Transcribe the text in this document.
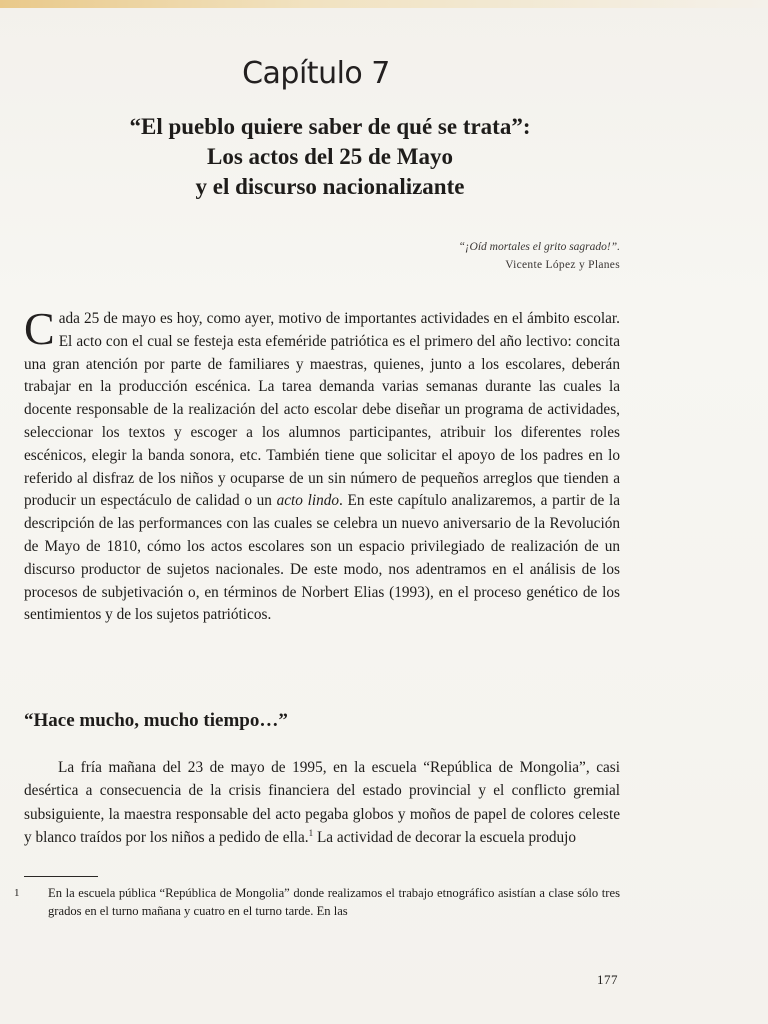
Capítulo 7
“El pueblo quiere saber de qué se trata”:
Los actos del 25 de Mayo
y el discurso nacionalizante
“¡Oíd mortales el grito sagrado!”.
Vicente López y Planes

Cada 25 de mayo es hoy, como ayer, motivo de importantes actividades en el ámbito escolar. El acto con el cual se festeja esta efeméride patriótica es el primero del año lectivo: concita una gran atención por parte de familiares y maestras, quienes, junto a los escolares, deberán trabajar en la producción escénica. La tarea demanda varias semanas durante las cuales la docente responsable de la realización del acto escolar debe diseñar un programa de actividades, seleccionar los textos y escoger a los alumnos participantes, atribuir los diferentes roles escénicos, elegir la banda sonora, etc. También tiene que solicitar el apoyo de los padres en lo referido al disfraz de los niños y ocuparse de un sin número de pequeños arreglos que tienden a producir un espectáculo de calidad o un acto lindo. En este capítulo analizaremos, a partir de la descripción de las performances con las cuales se celebra un nuevo aniversario de la Revolución de Mayo de 1810, cómo los actos escolares son un espacio privilegiado de realización de un discurso productor de sujetos nacionales. De este modo, nos adentramos en el análisis de los procesos de subjetivación o, en términos de Norbert Elias (1993), en el proceso genético de los sentimientos y de los sujetos patrióticos.

“Hace mucho, mucho tiempo…”

La fría mañana del 23 de mayo de 1995, en la escuela “República de Mongolia”, casi desértica a consecuencia de la crisis financiera del estado provincial y el conflicto gremial subsiguiente, la maestra responsable del acto pegaba globos y moños de papel de colores celeste y blanco traídos por los niños a pedido de ella.$^1$ La actividad de decorar la escuela produjo

1 En la escuela pública “República de Mongolia” donde realizamos el trabajo etnográfico asistían a clase sólo tres grados en el turno mañana y cuatro en el turno tarde. En las
177
